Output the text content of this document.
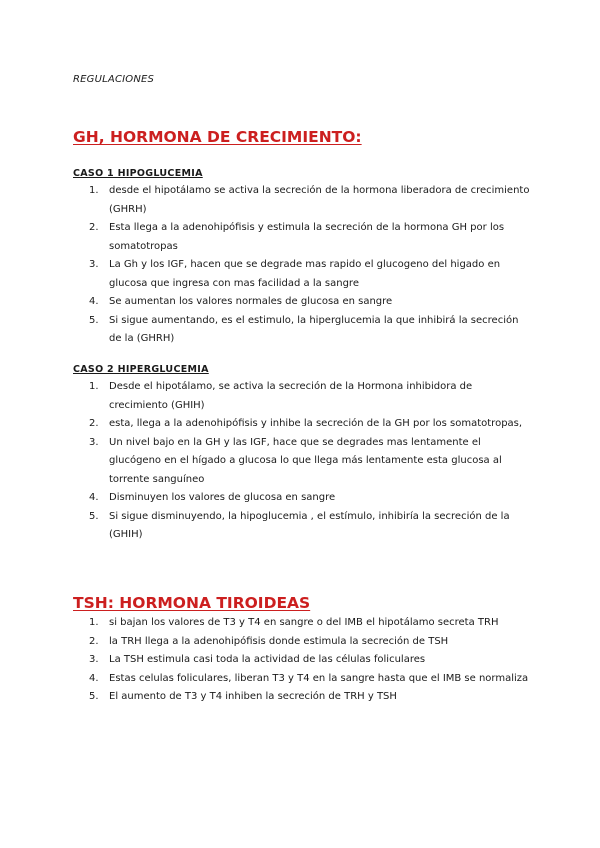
REGULACIONES
GH, HORMONA DE CRECIMIENTO:
CASO 1 HIPOGLUCEMIA
1. desde el hipotálamo se activa la secreción de la hormona liberadora de crecimiento (GHRH)
2. Esta llega a la adenohipófisis y estimula la secreción de la hormona GH por los somatotropas
3. La Gh y los IGF, hacen que se degrade mas rapido el glucogeno del higado en glucosa que ingresa con mas facilidad a la sangre
4. Se aumentan los valores normales de glucosa en sangre
5. Si sigue aumentando, es el estimulo, la hiperglucemia la que inhibirá la secreción de la (GHRH)
CASO 2 HIPERGLUCEMIA
1. Desde el hipotálamo, se activa la secreción de la Hormona inhibidora de crecimiento (GHIH)
2. esta, llega a la adenohipófisis y inhibe la secreción de la GH por los somatotropas,
3. Un nivel bajo en la GH y las IGF, hace que se degrades mas lentamente el glucógeno en el hígado a glucosa lo que llega más lentamente esta glucosa al torrente sanguíneo
4. Disminuyen los valores de glucosa en sangre
5. Si sigue disminuyendo, la hipoglucemia , el estímulo, inhibiría la secreción de la (GHIH)
TSH: HORMONA TIROIDEAS
1. si bajan los valores de T3 y T4 en sangre o del IMB el hipotálamo secreta TRH
2. la TRH llega a la adenohipófisis donde estimula la secreción de TSH
3. La TSH estimula casi toda la actividad de las células foliculares
4. Estas celulas foliculares, liberan T3 y T4 en la sangre hasta que el IMB se normaliza
5. El aumento de T3 y T4 inhiben la secreción de TRH y TSH
